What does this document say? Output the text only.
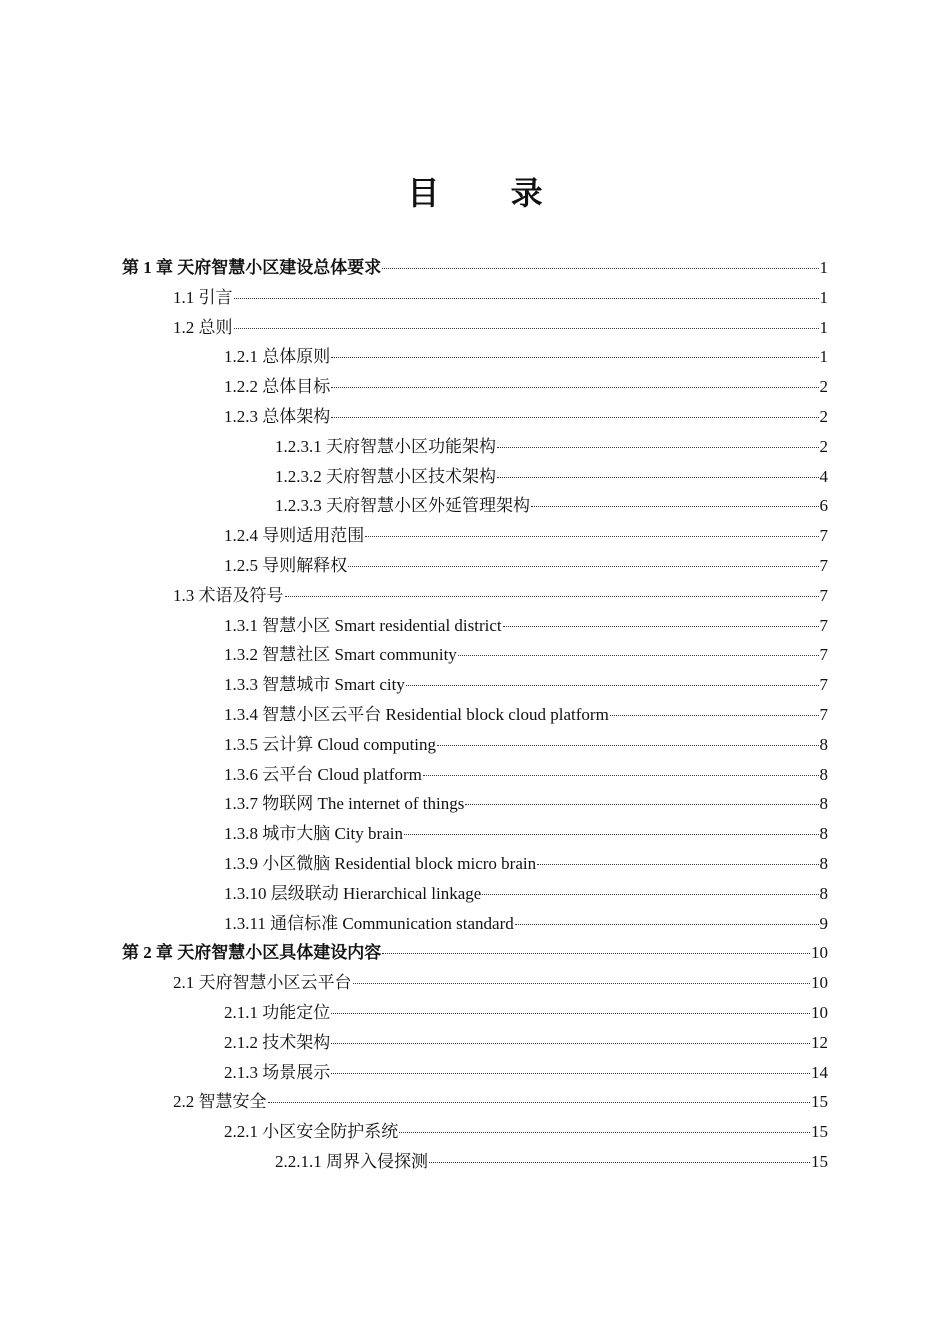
目 录
第 1 章 天府智慧小区建设总体要求	1
1.1 引言	1
1.2 总则	1
1.2.1 总体原则	1
1.2.2 总体目标	2
1.2.3 总体架构	2
1.2.3.1 天府智慧小区功能架构	2
1.2.3.2 天府智慧小区技术架构	4
1.2.3.3 天府智慧小区外延管理架构	6
1.2.4 导则适用范围	7
1.2.5 导则解释权	7
1.3 术语及符号	7
1.3.1 智慧小区 Smart residential district	7
1.3.2 智慧社区 Smart community	7
1.3.3 智慧城市 Smart city	7
1.3.4 智慧小区云平台 Residential block cloud platform	7
1.3.5 云计算 Cloud computing	8
1.3.6 云平台 Cloud platform	8
1.3.7 物联网 The internet of things	8
1.3.8 城市大脑 City brain	8
1.3.9 小区微脑 Residential block micro brain	8
1.3.10 层级联动 Hierarchical linkage	8
1.3.11 通信标准 Communication standard	9
第 2 章 天府智慧小区具体建设内容	10
2.1 天府智慧小区云平台	10
2.1.1 功能定位	10
2.1.2 技术架构	12
2.1.3 场景展示	14
2.2 智慧安全	15
2.2.1 小区安全防护系统	15
2.2.1.1 周界入侵探测	15
